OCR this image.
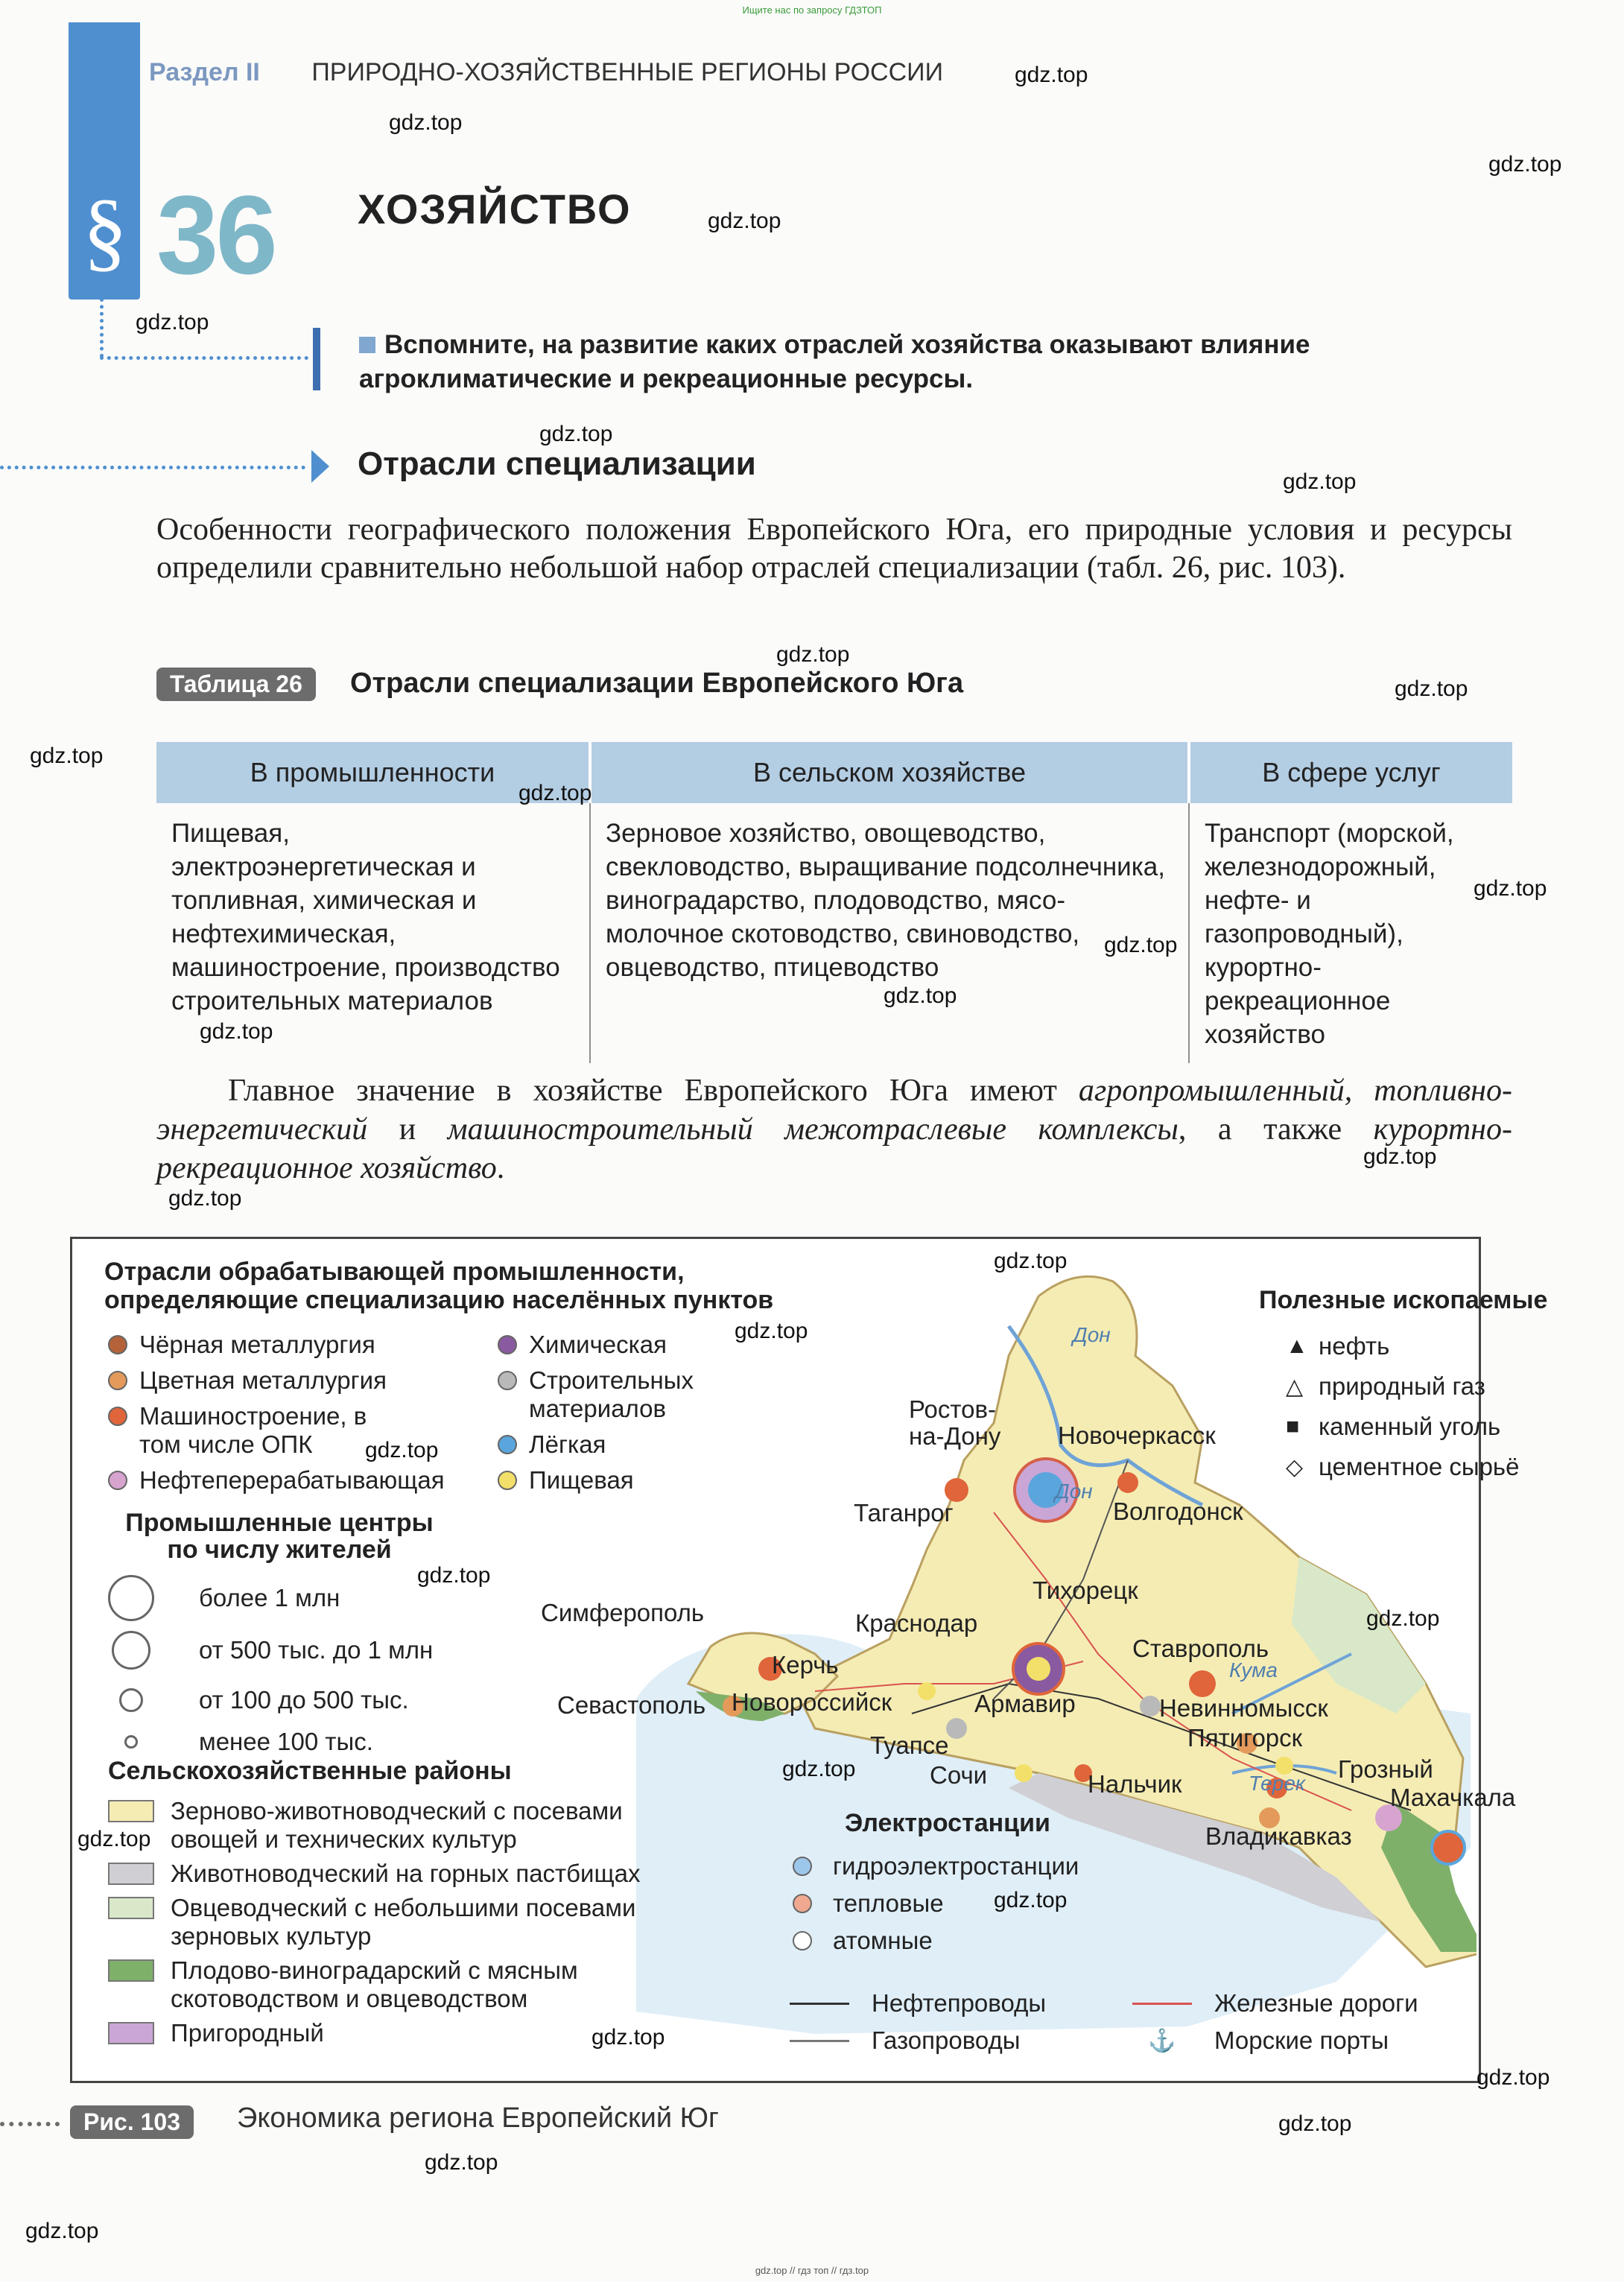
Ищите нас по запросу ГДЗТОП
§
Раздел II ПРИРОДНО-ХОЗЯЙСТВЕННЫЕ РЕГИОНЫ РОССИИ
36 ХОЗЯЙСТВО
Вспомните, на развитие каких отраслей хозяйства оказывают влияние агроклиматические и рекреационные ресурсы.
Отрасли специализации
Особенности географического положения Европейского Юга, его природные условия и ресурсы определили сравнительно небольшой набор отраслей специализации (табл. 26, рис. 103).
Таблица 26	Отрасли специализации Европейского Юга
В промышленности	В сельском хозяйстве	В сфере услуг
Пищевая, электроэнергетическая и топливная, химическая и нефтехимическая, машиностроение, производство строительных материалов	Зерновое хозяйство, овощеводство, свекловодство, выращивание подсолнечника, виноградарство, плодоводство, мясо-молочное скотоводство, свиноводство, овцеводство, птицеводство	Транспорт (морской, железнодорожный, нефте- и газопроводный), курортно-рекреационное хозяйство
Главное значение в хозяйстве Европейского Юга имеют агропромышленный, топливно-энергетический и машиностроительный межотраслевые комплексы, а также курортно-рекреационное хозяйство.
Отрасли обрабатывающей промышленности, определяющие специализацию населённых пунктов
Чёрная металлургия
Цветная металлургия
Машиностроение, в том числе ОПК
Нефтеперерабатывающая
Химическая
Строительных материалов
Лёгкая
Пищевая
Промышленные центры по числу жителей
более 1 млн
от 500 тыс. до 1 млн
от 100 до 500 тыс.
менее 100 тыс.
Сельскохозяйственные районы
Зерново-животноводческий с посевами овощей и технических культур
Животноводческий на горных пастбищах
Овцеводческий с небольшими посевами зерновых культур
Плодово-виноградарский с мясным скотоводством и овцеводством
Пригородный
Полезные ископаемые
▲ нефть
△ природный газ
■ каменный уголь
◇ цементное сырьё
Электростанции
гидроэлектростанции
тепловые
атомные
Нефтепроводы
Газопроводы
Железные дороги
⚓	Морские порты
Ростов-на-Дону Новочеркасск
Таганрог	Волгодонск
Тихорецк
Симферополь	Краснодар
Ставрополь
Керчь
Севастополь Новороссийск	Армавир	Невинномысск
Пятигорск
Туапсе
Сочи	Нальчик
Грозный
Махачкала
Владикавказ
Дон
Дон
Кума
Терек
Рис. 103	Экономика региона Европейский Юг
gdz.top
gdz.top
gdz.top
gdz.top
gdz.top
gdz.top
gdz.top
gdz.top
gdz.top
gdz.top
gdz.top
gdz.top
gdz.top
gdz.top
gdz.top
gdz.top
gdz.top
gdz.top
gdz.top
gdz.top
gdz.top
gdz.top
gdz.top
gdz.top
gdz.top
gdz.top
gdz.top
gdz.top
gdz.top
gdz.top
gdz.top // гдз топ // гдз.top
